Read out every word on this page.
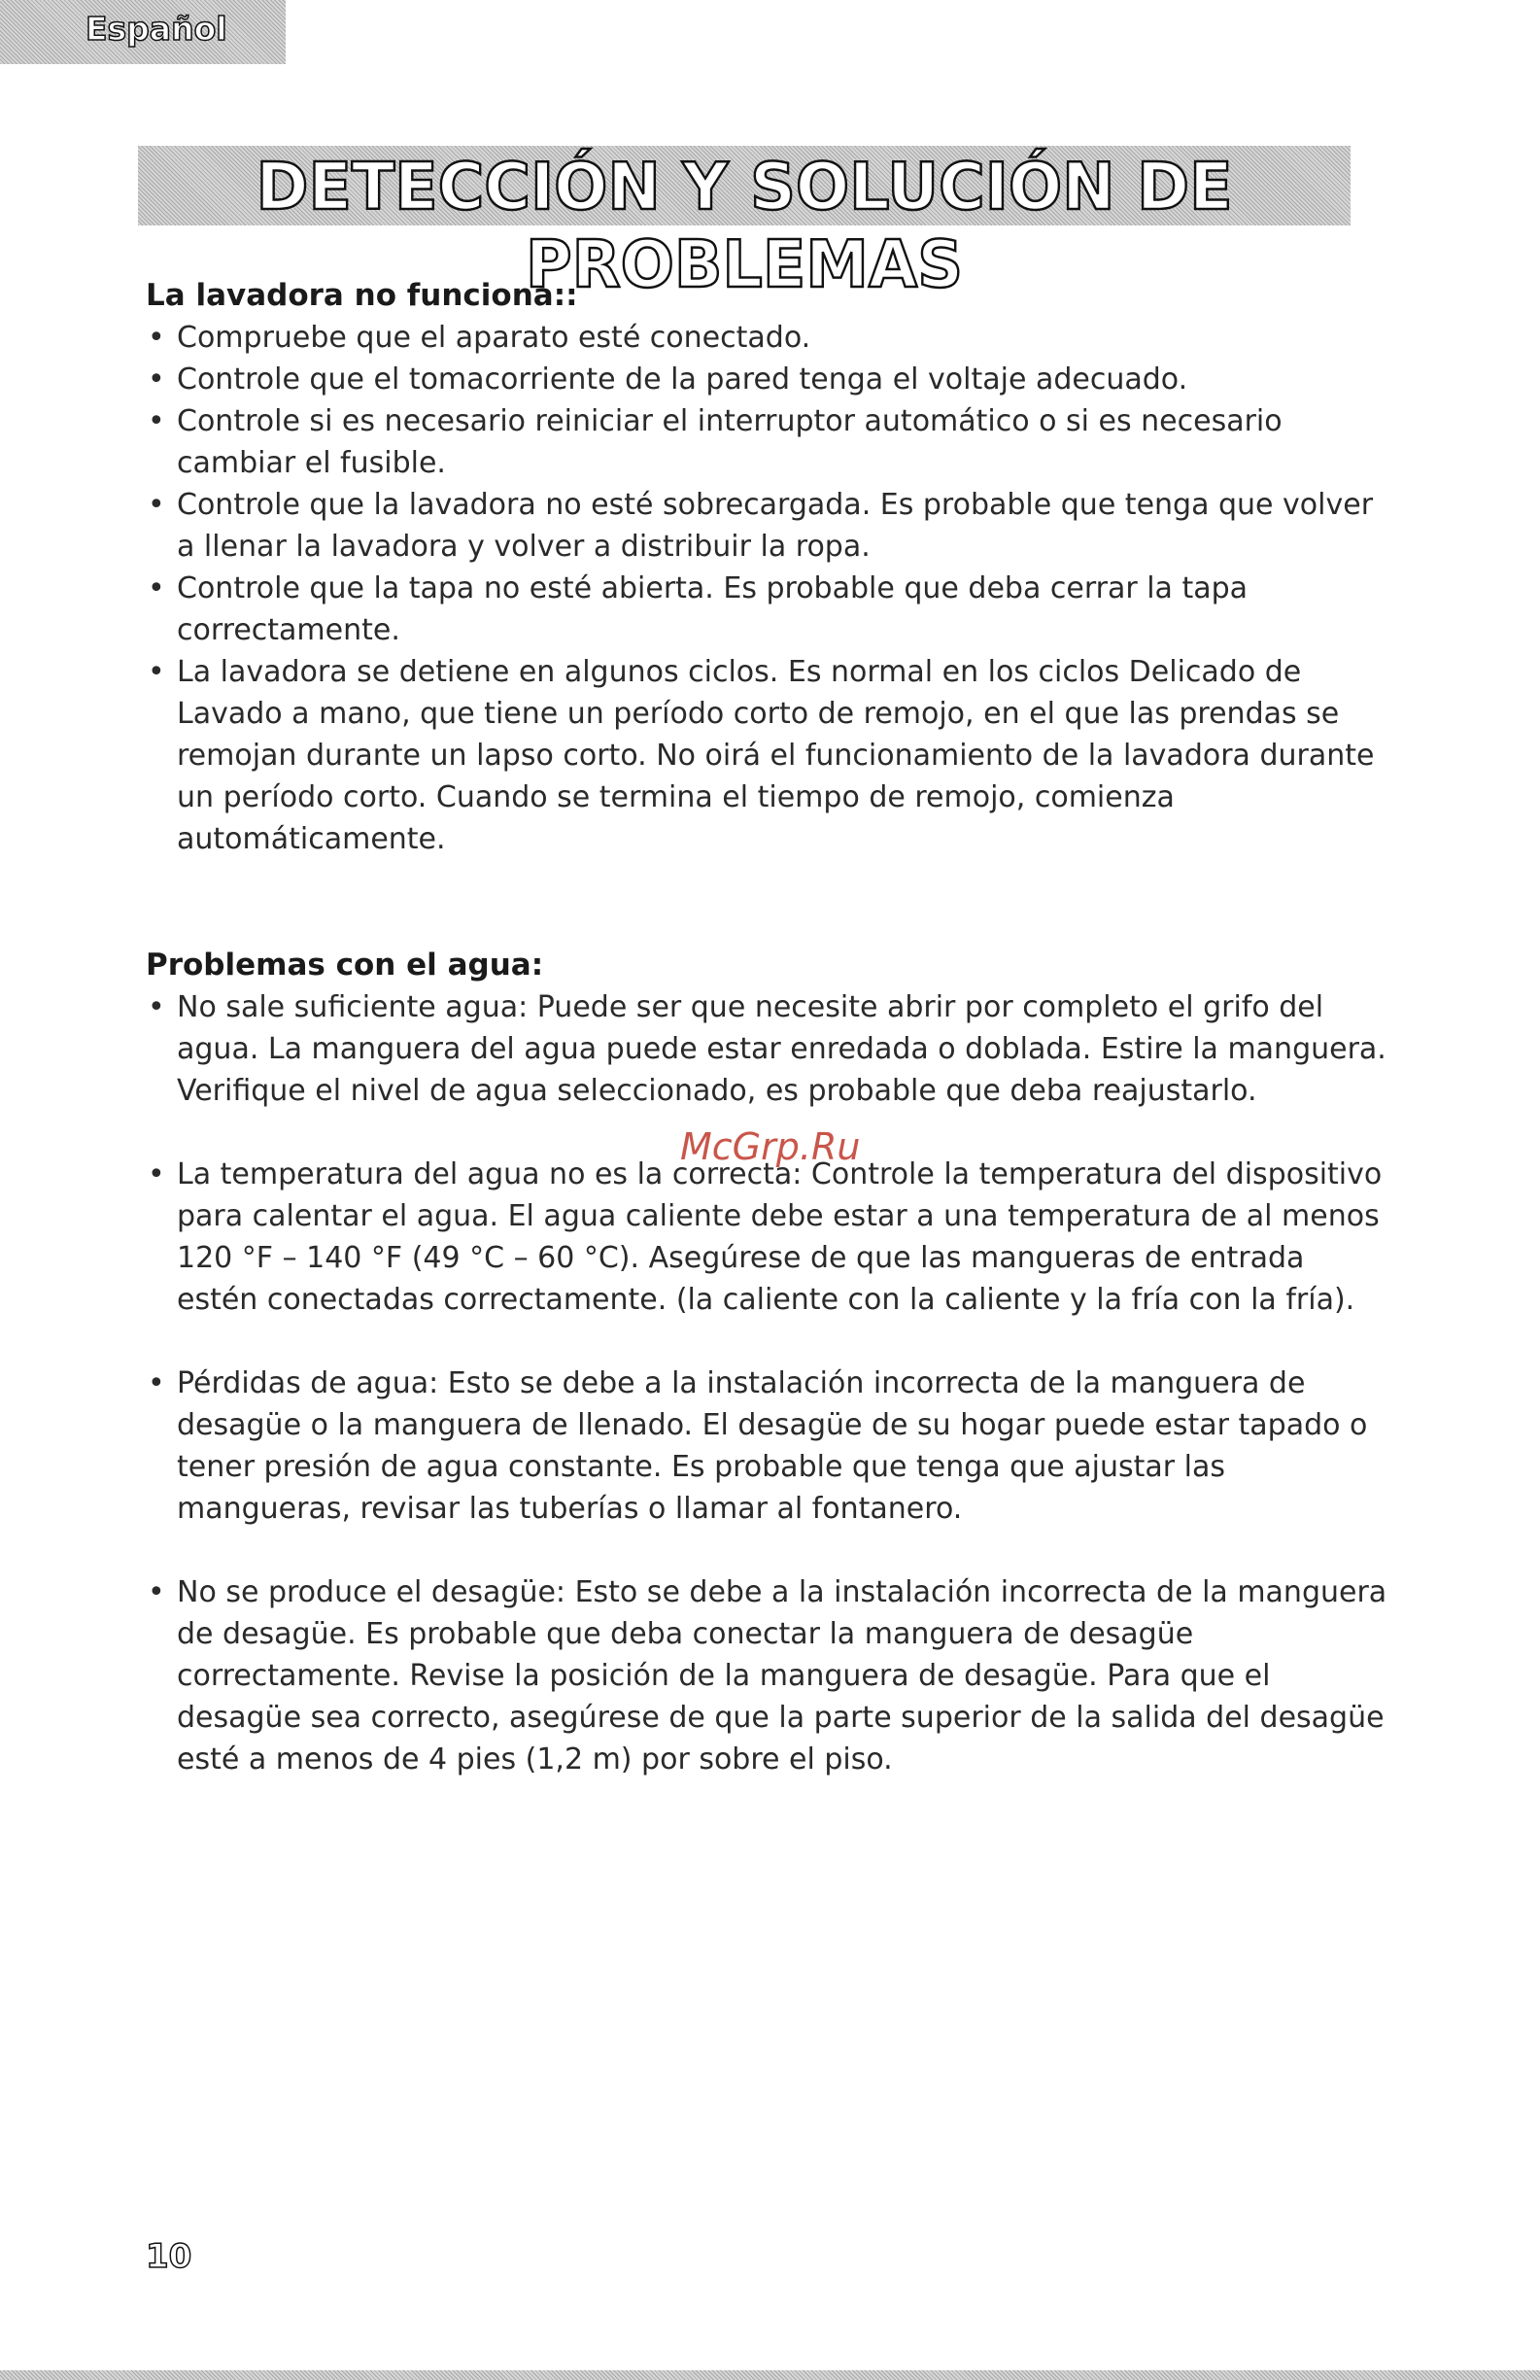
Español
DETECCIÓN Y SOLUCIÓN DE PROBLEMAS
La lavadora no funciona::
• Compruebe que el aparato esté conectado.
• Controle que el tomacorriente de la pared tenga el voltaje adecuado.
• Controle si es necesario reiniciar el interruptor automático o si es necesario cambiar el fusible.
• Controle que la lavadora no esté sobrecargada. Es probable que tenga que volver a llenar la lavadora y volver a distribuir la ropa.
• Controle que la tapa no esté abierta. Es probable que deba cerrar la tapa correctamente.
• La lavadora se detiene en algunos ciclos. Es normal en los ciclos Delicado de Lavado a mano, que tiene un período corto de remojo, en el que las prendas se remojan durante un lapso corto. No oirá el funcionamiento de la lavadora durante un período corto. Cuando se termina el tiempo de remojo, comienza automáticamente.
Problemas con el agua:
• No sale suficiente agua: Puede ser que necesite abrir por completo el grifo del agua. La manguera del agua puede estar enredada o doblada. Estire la manguera. Verifique el nivel de agua seleccionado, es probable que deba reajustarlo.
• La temperatura del agua no es la correcta: Controle la temperatura del dispositivo para calentar el agua. El agua caliente debe estar a una temperatura de al menos 120 °F – 140 °F (49 °C – 60 °C). Asegúrese de que las mangueras de entrada estén conectadas correctamente. (la caliente con la caliente y la fría con la fría).
• Pérdidas de agua: Esto se debe a la instalación incorrecta de la manguera de desagüe o la manguera de llenado. El desagüe de su hogar puede estar tapado o tener presión de agua constante. Es probable que tenga que ajustar las mangueras, revisar las tuberías o llamar al fontanero.
• No se produce el desagüe: Esto se debe a la instalación incorrecta de la manguera de desagüe. Es probable que deba conectar la manguera de desagüe correctamente. Revise la posición de la manguera de desagüe. Para que el desagüe sea correcto, asegúrese de que la parte superior de la salida del desagüe esté a menos de 4 pies (1,2 m) por sobre el piso.
McGrp.Ru
10
